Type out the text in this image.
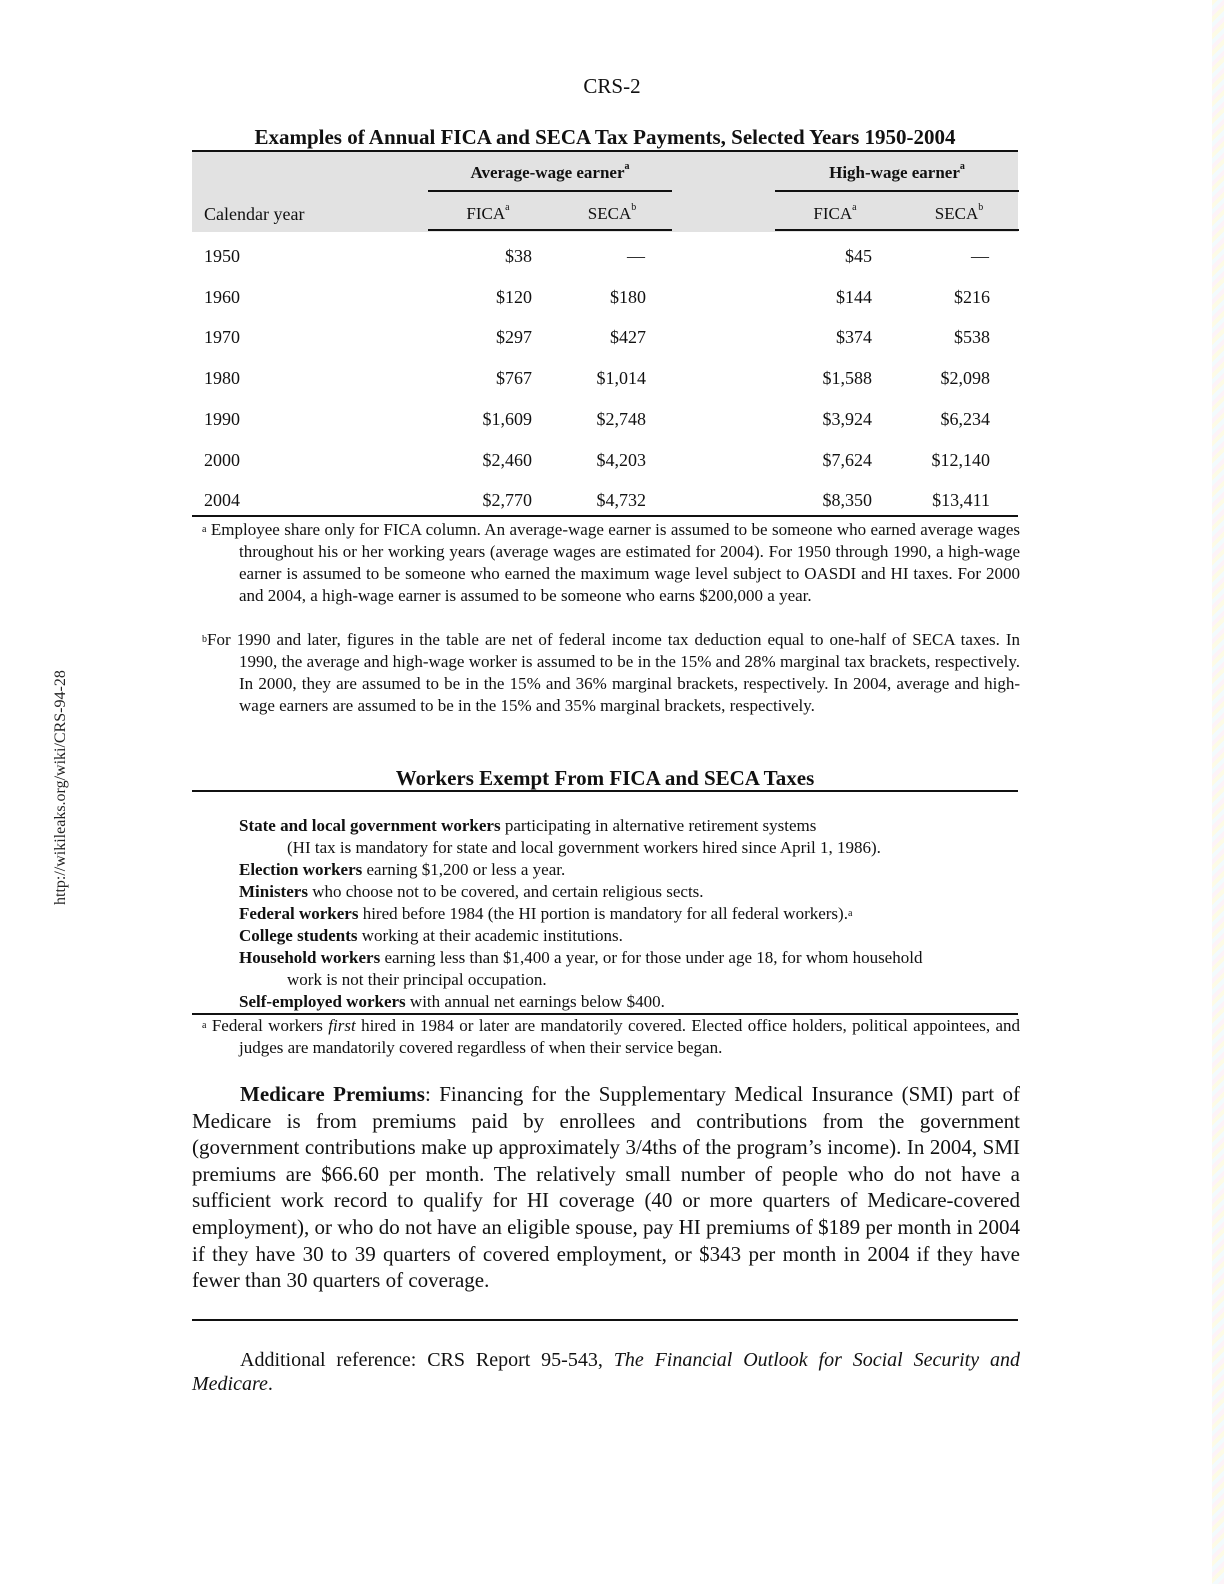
http://wikileaks.org/wiki/CRS-94-28
CRS-2
Examples of Annual FICA and SECA Tax Payments, Selected Years 1950-2004
Average-wage earner$^a$	High-wage earner$^a$
Calendar year	FICA$^a$	SECA$^b$	FICA$^a$	SECA$^b$
1950	$38	—	$45	—
1960	$120	$180	$144	$216
1970	$297	$427	$374	$538
1980	$767	$1,014	$1,588	$2,098
1990	$1,609	$2,748	$3,924	$6,234
2000	$2,460	$4,203	$7,624	$12,140
2004	$2,770	$4,732	$8,350	$13,411
$^a$ Employee share only for FICA column. An average-wage earner is assumed to be someone who earned average wages throughout his or her working years (average wages are estimated for 2004). For 1950 through 1990, a high-wage earner is assumed to be someone who earned the maximum wage level subject to OASDI and HI taxes. For 2000 and 2004, a high-wage earner is assumed to be someone who earns $200,000 a year.
$^b$For 1990 and later, figures in the table are net of federal income tax deduction equal to one-half of SECA taxes. In 1990, the average and high-wage worker is assumed to be in the 15% and 28% marginal tax brackets, respectively. In 2000, they are assumed to be in the 15% and 36% marginal brackets, respectively. In 2004, average and high-wage earners are assumed to be in the 15% and 35% marginal brackets, respectively.
Workers Exempt From FICA and SECA Taxes
State and local government workers participating in alternative retirement systems
(HI tax is mandatory for state and local government workers hired since April 1, 1986).
Election workers earning $1,200 or less a year.
Ministers who choose not to be covered, and certain religious sects.
Federal workers hired before 1984 (the HI portion is mandatory for all federal workers).$^a$
College students working at their academic institutions.
Household workers earning less than $1,400 a year, or for those under age 18, for whom household
work is not their principal occupation.
Self-employed workers with annual net earnings below $400.
$^a$ Federal workers first hired in 1984 or later are mandatorily covered. Elected office holders, political appointees, and judges are mandatorily covered regardless of when their service began.
Medicare Premiums: Financing for the Supplementary Medical Insurance (SMI) part of Medicare is from premiums paid by enrollees and contributions from the government (government contributions make up approximately 3/4ths of the program’s income). In 2004, SMI premiums are $66.60 per month. The relatively small number of people who do not have a sufficient work record to qualify for HI coverage (40 or more quarters of Medicare-covered employment), or who do not have an eligible spouse, pay HI premiums of $189 per month in 2004 if they have 30 to 39 quarters of covered employment, or $343 per month in 2004 if they have fewer than 30 quarters of coverage.
Additional reference: CRS Report 95-543, The Financial Outlook for Social Security and Medicare.
